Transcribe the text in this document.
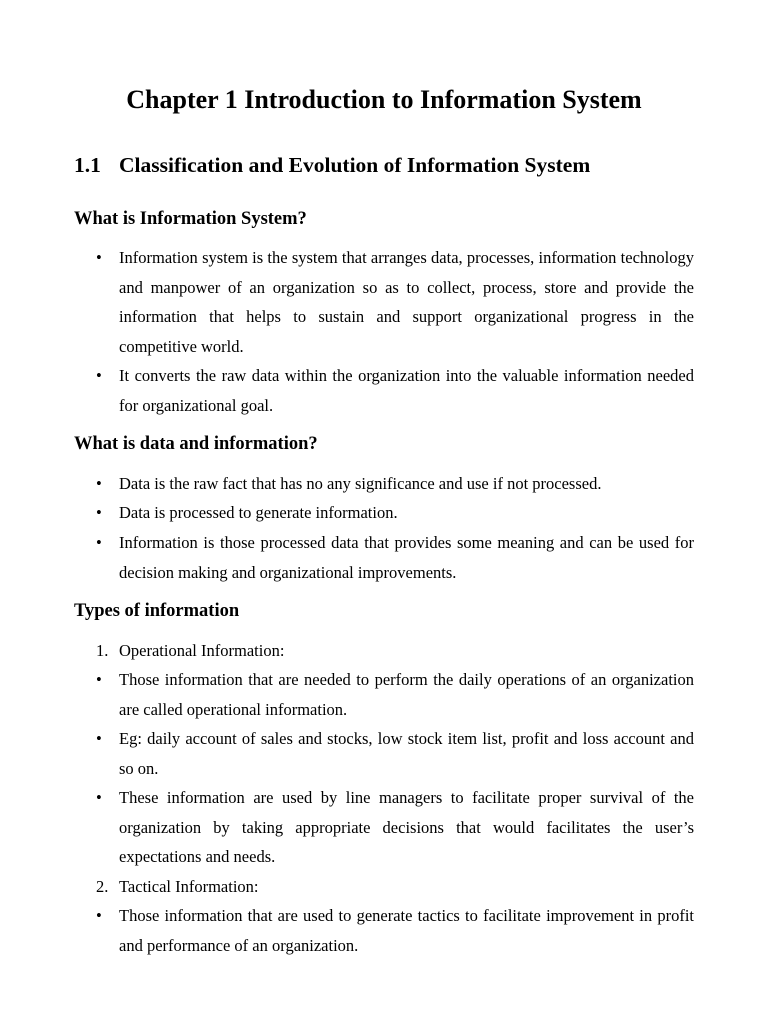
Chapter 1 Introduction to Information System
1.1 Classification and Evolution of Information System
What is Information System?

• Information system is the system that arranges data, processes, information technology and manpower of an organization so as to collect, process, store and provide the information that helps to sustain and support organizational progress in the competitive world.

• It converts the raw data within the organization into the valuable information needed for organizational goal.

What is data and information?

• Data is the raw fact that has no any significance and use if not processed.

• Data is processed to generate information.

• Information is those processed data that provides some meaning and can be used for decision making and organizational improvements.

Types of information

1. Operational Information:

• Those information that are needed to perform the daily operations of an organization are called operational information.

• Eg: daily account of sales and stocks, low stock item list, profit and loss account and so on.

• These information are used by line managers to facilitate proper survival of the organization by taking appropriate decisions that would facilitates the user’s expectations and needs.

2. Tactical Information:

• Those information that are used to generate tactics to facilitate improvement in profit and performance of an organization.
